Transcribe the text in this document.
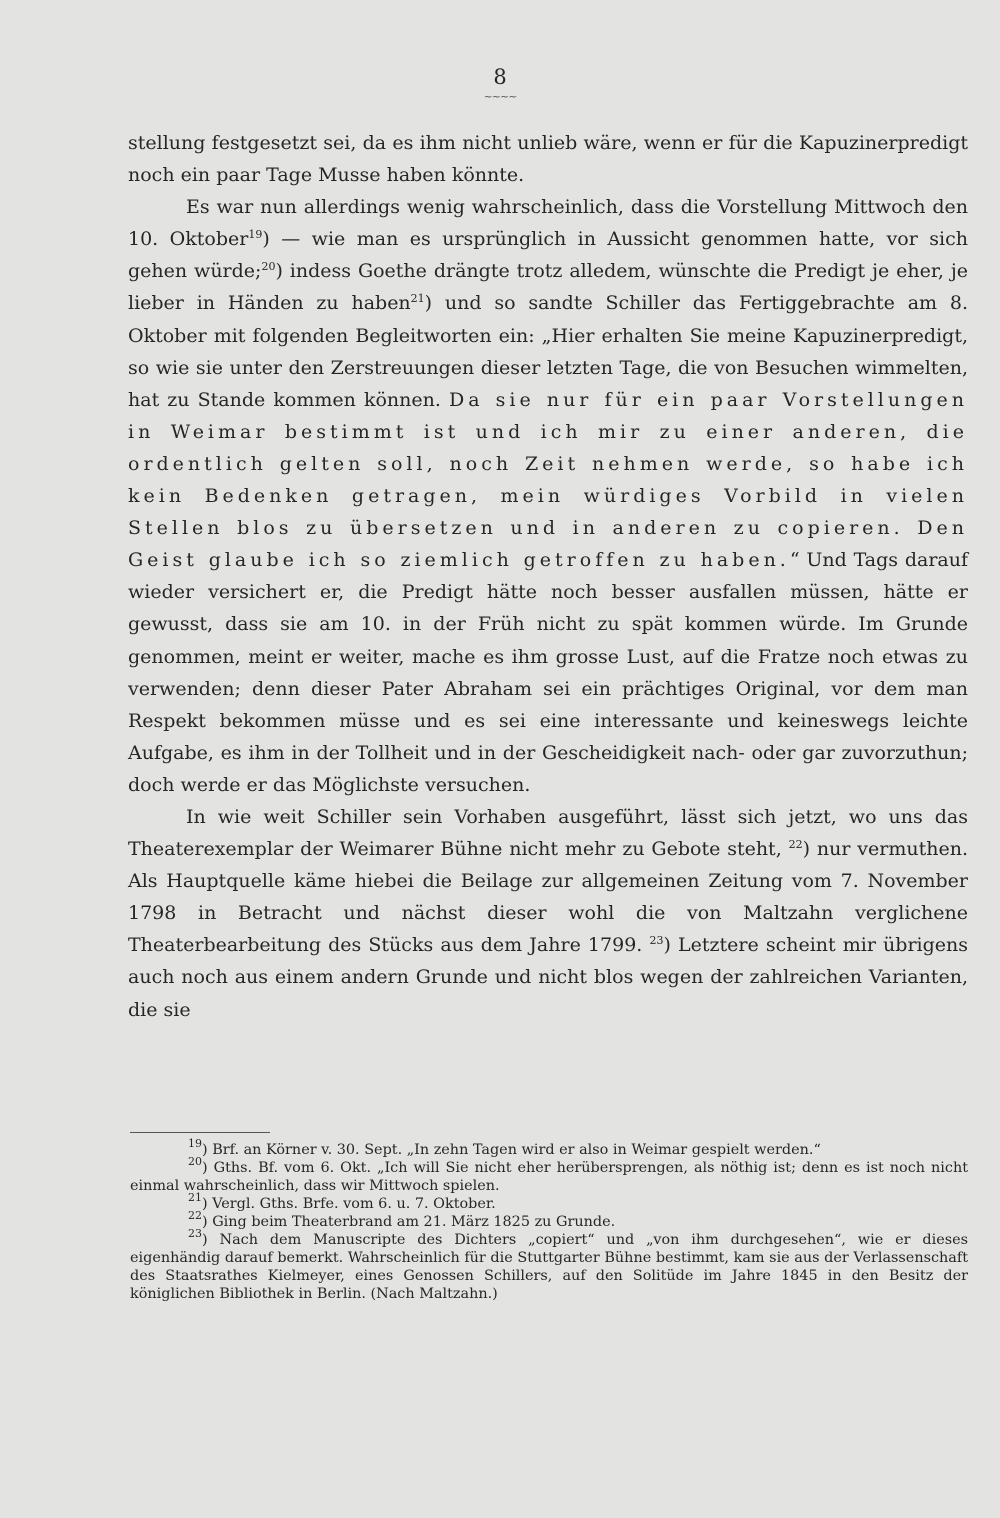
8
~~~~

stellung festgesetzt sei, da es ihm nicht unlieb wäre, wenn er für die Kapuzinerpredigt noch ein paar Tage Musse haben könnte.

Es war nun allerdings wenig wahrscheinlich, dass die Vorstellung Mittwoch den 10. Oktober$^{19}$) — wie man es ursprünglich in Aussicht genommen hatte, vor sich gehen würde;$^{20}$) indess Goethe drängte trotz alledem, wünschte die Predigt je eher, je lieber in Händen zu haben$^{21}$) und so sandte Schiller das Fertiggebrachte am 8. Oktober mit folgenden Begleitworten ein: „Hier erhalten Sie meine Kapuzinerpredigt, so wie sie unter den Zerstreuungen dieser letzten Tage, die von Besuchen wimmelten, hat zu Stande kommen können. Da sie nur für ein paar Vorstellungen in Weimar bestimmt ist und ich mir zu einer anderen, die ordentlich gelten soll, noch Zeit nehmen werde, so habe ich kein Bedenken getragen, mein würdiges Vorbild in vielen Stellen blos zu übersetzen und in anderen zu copieren. Den Geist glaube ich so ziemlich getroffen zu haben.“ Und Tags darauf wieder versichert er, die Predigt hätte noch besser ausfallen müssen, hätte er gewusst, dass sie am 10. in der Früh nicht zu spät kommen würde. Im Grunde genommen, meint er weiter, mache es ihm grosse Lust, auf die Fratze noch etwas zu verwenden; denn dieser Pater Abraham sei ein prächtiges Original, vor dem man Respekt bekommen müsse und es sei eine interessante und keineswegs leichte Aufgabe, es ihm in der Tollheit und in der Gescheidigkeit nach- oder gar zuvorzuthun; doch werde er das Möglichste versuchen.

In wie weit Schiller sein Vorhaben ausgeführt, lässt sich jetzt, wo uns das Theaterexemplar der Weimarer Bühne nicht mehr zu Gebote steht, $^{22}$) nur vermuthen. Als Hauptquelle käme hiebei die Beilage zur allgemeinen Zeitung vom 7. November 1798 in Betracht und nächst dieser wohl die von Maltzahn verglichene Theaterbearbeitung des Stücks aus dem Jahre 1799. $^{23}$) Letztere scheint mir übrigens auch noch aus einem andern Grunde und nicht blos wegen der zahlreichen Varianten, die sie

$^{19}$) Brf. an Körner v. 30. Sept. „In zehn Tagen wird er also in Weimar gespielt werden.“

$^{20}$) Gths. Bf. vom 6. Okt. „Ich will Sie nicht eher herübersprengen, als nöthig ist; denn es ist noch nicht einmal wahrscheinlich, dass wir Mittwoch spielen.

$^{21}$) Vergl. Gths. Brfe. vom 6. u. 7. Oktober.

$^{22}$) Ging beim Theaterbrand am 21. März 1825 zu Grunde.

$^{23}$) Nach dem Manuscripte des Dichters „copiert“ und „von ihm durchgesehen“, wie er dieses eigenhändig darauf bemerkt. Wahrscheinlich für die Stuttgarter Bühne bestimmt, kam sie aus der Verlassenschaft des Staatsrathes Kielmeyer, eines Genossen Schillers, auf den Solitüde im Jahre 1845 in den Besitz der königlichen Bibliothek in Berlin. (Nach Maltzahn.)
